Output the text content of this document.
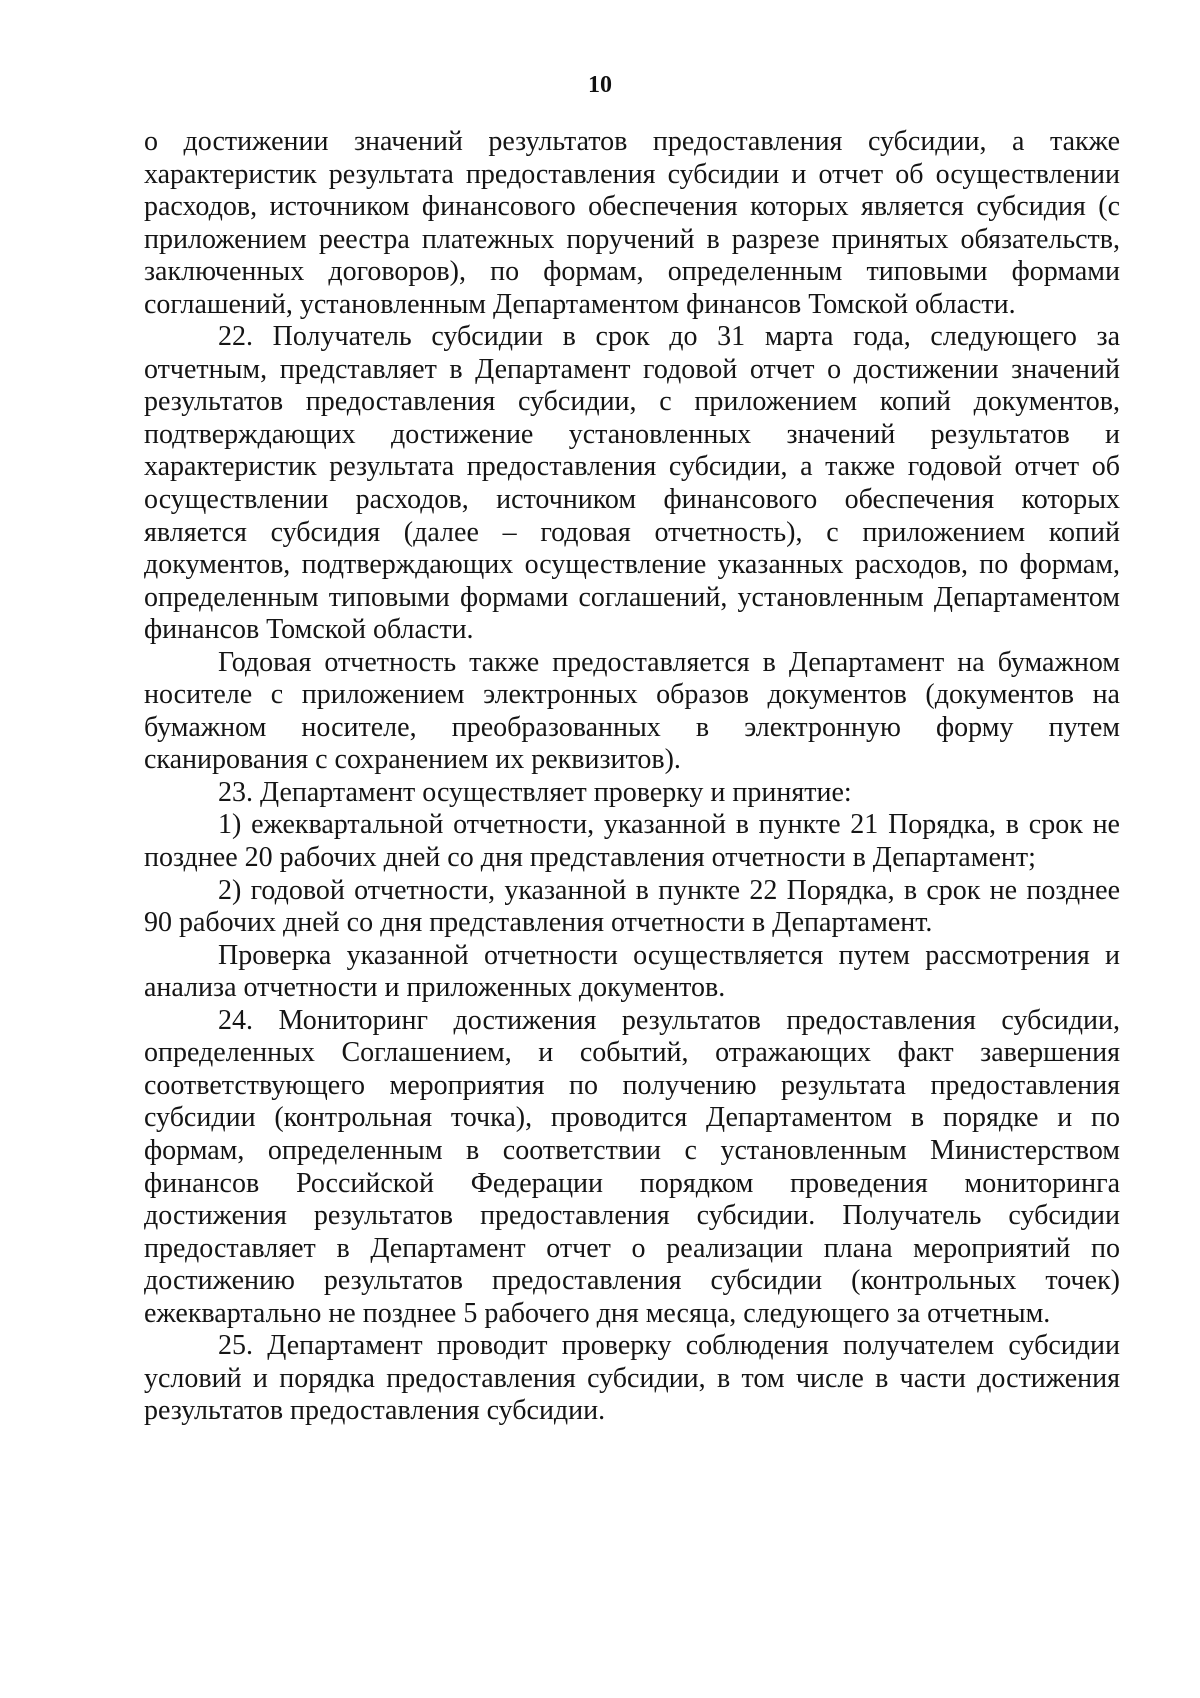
10

о достижении значений результатов предоставления субсидии, а также характеристик результата предоставления субсидии и отчет об осуществлении расходов, источником финансового обеспечения которых является субсидия (с приложением реестра платежных поручений в разрезе принятых обязательств, заключенных договоров), по формам, определенным типовыми формами соглашений, установленным Департаментом финансов Томской области.

22. Получатель субсидии в срок до 31 марта года, следующего за отчетным, представляет в Департамент годовой отчет о достижении значений результатов предоставления субсидии, с приложением копий документов, подтверждающих достижение установленных значений результатов и характеристик результата предоставления субсидии, а также годовой отчет об осуществлении расходов, источником финансового обеспечения которых является субсидия (далее – годовая отчетность), с приложением копий документов, подтверждающих осуществление указанных расходов, по формам, определенным типовыми формами соглашений, установленным Департаментом финансов Томской области.

Годовая отчетность также предоставляется в Департамент на бумажном носителе с приложением электронных образов документов (документов на бумажном носителе, преобразованных в электронную форму путем сканирования с сохранением их реквизитов).

23. Департамент осуществляет проверку и принятие:

1) ежеквартальной отчетности, указанной в пункте 21 Порядка, в срок не позднее 20 рабочих дней со дня представления отчетности в Департамент;

2) годовой отчетности, указанной в пункте 22 Порядка, в срок не позднее 90 рабочих дней со дня представления отчетности в Департамент.

Проверка указанной отчетности осуществляется путем рассмотрения и анализа отчетности и приложенных документов.

24. Мониторинг достижения результатов предоставления субсидии, определенных Соглашением, и событий, отражающих факт завершения соответствующего мероприятия по получению результата предоставления субсидии (контрольная точка), проводится Департаментом в порядке и по формам, определенным в соответствии с установленным Министерством финансов Российской Федерации порядком проведения мониторинга достижения результатов предоставления субсидии. Получатель субсидии предоставляет в Департамент отчет о реализации плана мероприятий по достижению результатов предоставления субсидии (контрольных точек) ежеквартально не позднее 5 рабочего дня месяца, следующего за отчетным.

25. Департамент проводит проверку соблюдения получателем субсидии условий и порядка предоставления субсидии, в том числе в части достижения результатов предоставления субсидии.
